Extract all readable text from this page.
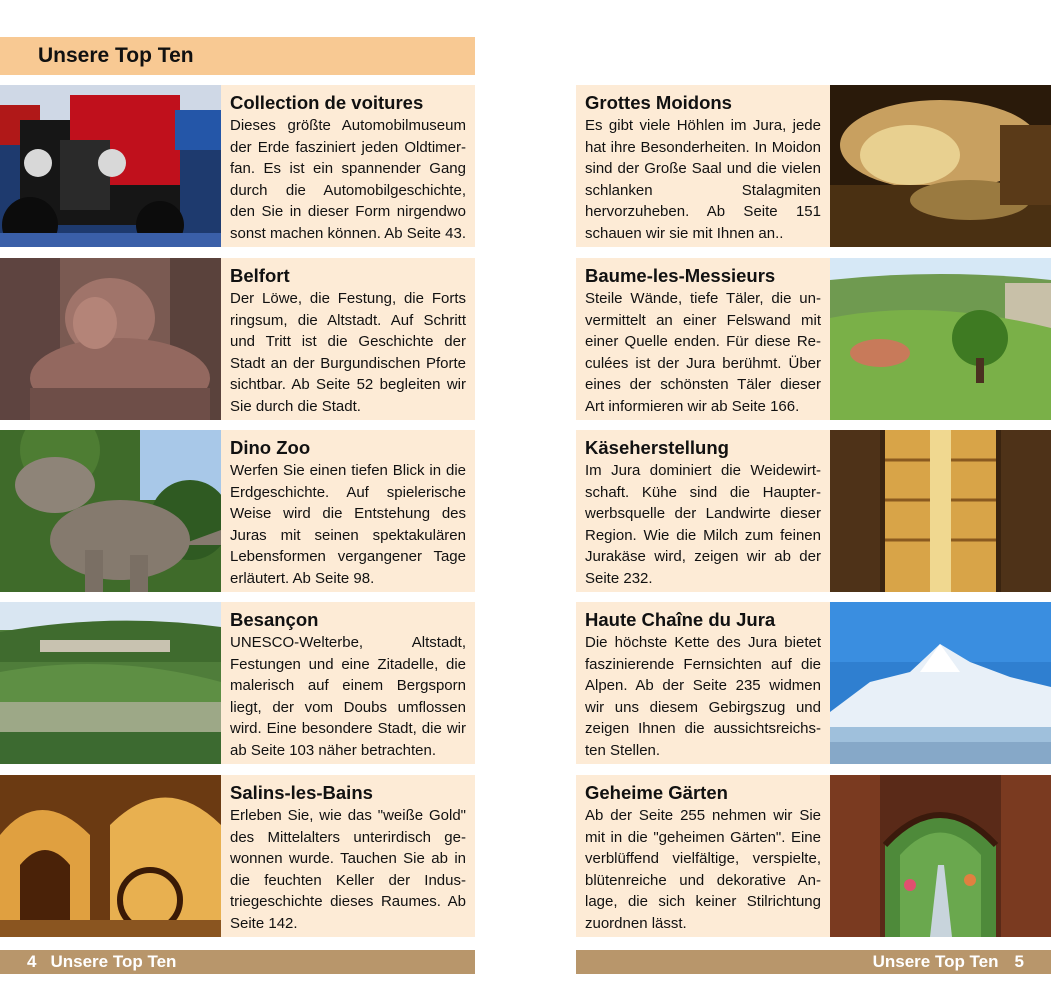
Unsere Top Ten
Collection de voitures

Dieses größte Automobilmuseum der Erde fasziniert jeden Oldtimerfan. Es ist ein spannender Gang durch die Automobilgeschichte, den Sie in dieser Form nirgendwo sonst machen können. Ab Seite 43.

Belfort

Der Löwe, die Festung, die Forts ringsum, die Altstadt. Auf Schritt und Tritt ist die Geschichte der Stadt an der Burgundischen Pforte sichtbar. Ab Seite 52 begleiten wir Sie durch die Stadt.

Dino Zoo

Werfen Sie einen tiefen Blick in die Erdgeschichte. Auf spielerische Weise wird die Entstehung des Juras mit seinen spektakulären Lebensformen vergangener Tage erläutert. Ab Seite 98.

Besançon

UNESCO-Welterbe, Altstadt, Festungen und eine Zitadelle, die malerisch auf einem Bergsporn liegt, der vom Doubs umflossen wird. Eine besondere Stadt, die wir ab Seite 103 näher betrachten.

Salins-les-Bains

Erleben Sie, wie das "weiße Gold" des Mittelalters unterirdisch gewonnen wurde. Tauchen Sie ab in die feuchten Keller der Industriegeschichte dieses Raumes. Ab Seite 142.

Grottes Moidons

Es gibt viele Höhlen im Jura, jede hat ihre Besonderheiten. In Moidon sind der Große Saal und die vielen schlanken Stalagmiten hervorzuheben. Ab Seite 151 schauen wir sie mit Ihnen an..

Baume-les-Messieurs

Steile Wände, tiefe Täler, die unvermittelt an einer Felswand mit einer Quelle enden. Für diese Reculées ist der Jura berühmt. Über eines der schönsten Täler dieser Art informieren wir ab Seite 166.

Käseherstellung

Im Jura dominiert die Weidewirtschaft. Kühe sind die Haupterwerbsquelle der Landwirte dieser Region. Wie die Milch zum feinen Jurakäse wird, zeigen wir ab der Seite 232.

Haute Chaîne du Jura

Die höchste Kette des Jura bietet faszinierende Fernsichten auf die Alpen. Ab der Seite 235 widmen wir uns diesem Gebirgszug und zeigen Ihnen die aussichtsreichsten Stellen.

Geheime Gärten

Ab der Seite 255 nehmen wir Sie mit in die "geheimen Gärten". Eine verblüffend vielfältige, verspielte, blütenreiche und dekorative Anlage, die sich keiner Stilrichtung zuordnen lässt.

4 Unsere Top Ten	Unsere Top Ten 5
